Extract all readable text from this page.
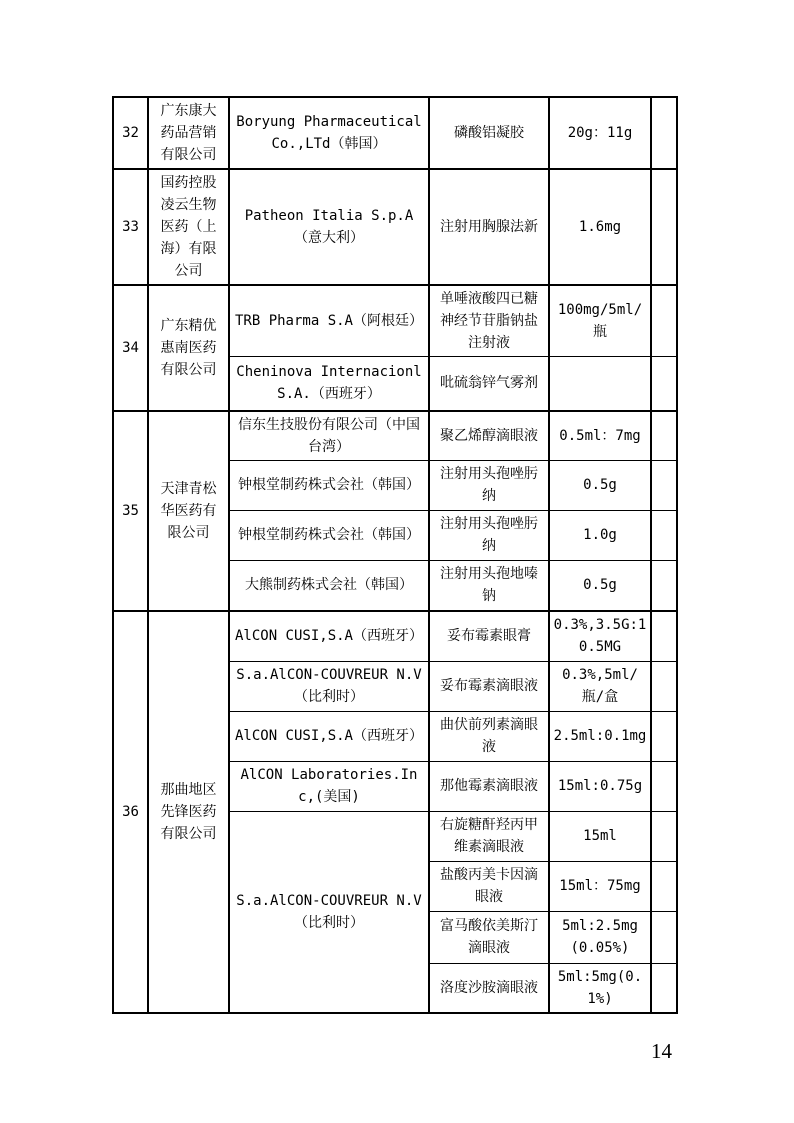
32	广东康大药品营销有限公司	Boryung Pharmaceutical Co.,LTd（韩国）	磷酸铝凝胶	20g：11g	
33	国药控股凌云生物医药（上海）有限公司	Patheon Italia S.p.A（意大利）	注射用胸腺法新	1.6mg	
34	广东精优惠南医药有限公司	TRB Pharma S.A（阿根廷）	单唾液酸四已糖神经节苷脂钠盐注射液	100mg/5ml/瓶	
		Cheninova InternacionlS.A.（西班牙）	吡硫翁锌气雾剂		
35	天津青松华医药有限公司	信东生技股份有限公司（中国台湾）	聚乙烯醇滴眼液	0.5ml：7mg	
		钟根堂制药株式会社（韩国）	注射用头孢唑肟纳	0.5g	
		钟根堂制药株式会社（韩国）	注射用头孢唑肟纳	1.0g	
		大熊制药株式会社（韩国）	注射用头孢地嗪钠	0.5g	
36	那曲地区先锋医药有限公司	AlCON CUSI,S.A（西班牙）	妥布霉素眼膏	0.3%,3.5G:10.5MG	
		S.a.AlCON-COUVREUR N.V（比利时）	妥布霉素滴眼液	0.3%,5ml/瓶/盒	
		AlCON CUSI,S.A（西班牙）	曲伏前列素滴眼液	2.5ml:0.1mg	
		AlCON Laboratories.Inc,(美国)	那他霉素滴眼液	15ml:0.75g	
		S.a.AlCON-COUVREUR N.V（比利时）	右旋糖酐羟丙甲维素滴眼液	15ml	
			盐酸丙美卡因滴眼液	15ml：75mg	
			富马酸依美斯汀滴眼液	5ml:2.5mg(0.05%)	
			洛度沙胺滴眼液	5ml:5mg(0.1%)	
14
